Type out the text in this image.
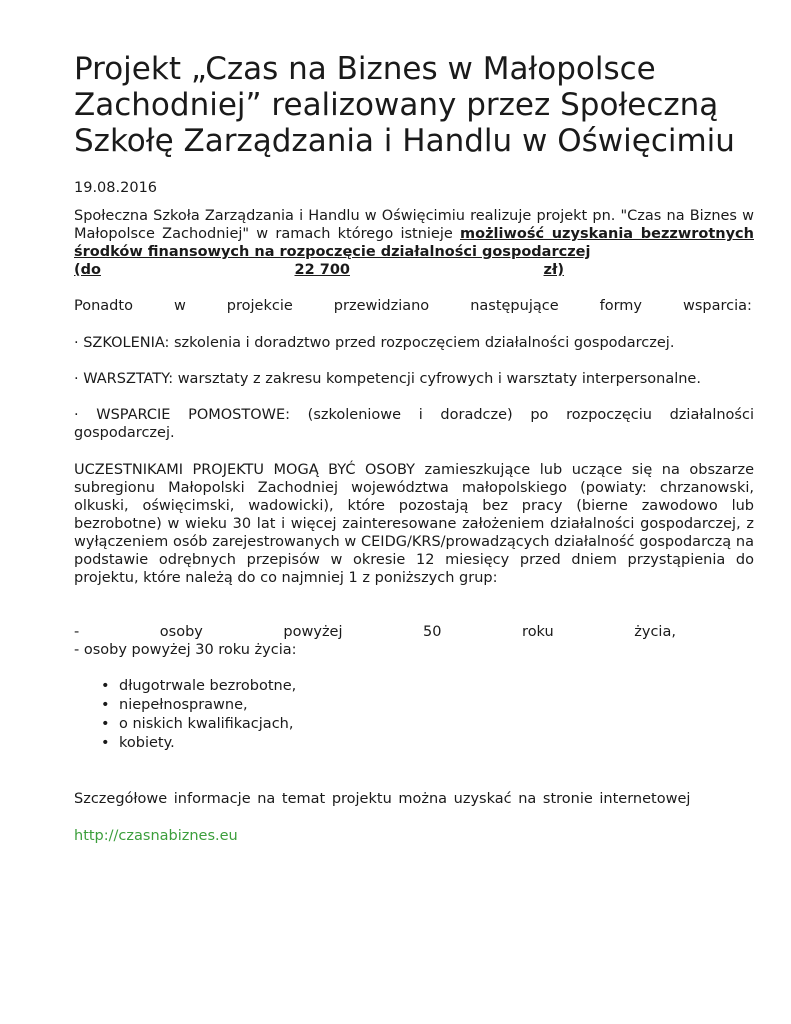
Projekt „Czas na Biznes w Małopolsce Zachodniej” realizowany przez Społeczną Szkołę Zarządzania i Handlu w Oświęcimiu
19.08.2016
Społeczna Szkoła Zarządzania i Handlu w Oświęcimiu realizuje projekt pn. "Czas na Biznes w Małopolsce Zachodniej" w ramach którego istnieje możliwość uzyskania bezzwrotnych środków finansowych na rozpoczęcie działalności gospodarczej
(do	22 700	zł)
Ponadto	w	projekcie	przewidziano	następujące	formy	wsparcia:

· SZKOLENIA: szkolenia i doradztwo przed rozpoczęciem działalności gospodarczej.

· WARSZTATY: warsztaty z zakresu kompetencji cyfrowych i warsztaty interpersonalne.

· WSPARCIE POMOSTOWE: (szkoleniowe i doradcze) po rozpoczęciu działalności gospodarczej.

UCZESTNIKAMI PROJEKTU MOGĄ BYĆ OSOBY zamieszkujące lub uczące się na obszarze subregionu Małopolski Zachodniej województwa małopolskiego (powiaty: chrzanowski, olkuski, oświęcimski, wadowicki), które pozostają bez pracy (bierne zawodowo lub bezrobotne) w wieku 30 lat i więcej zainteresowane założeniem działalności gospodarczej, z wyłączeniem osób zarejestrowanych w CEIDG/KRS/prowadzących działalność gospodarczą na podstawie odrębnych przepisów w okresie 12 miesięcy przed dniem przystąpienia do projektu, które należą do co najmniej 1 z poniższych grup:

-	osoby	powyżej	50	roku	życia,
- osoby powyżej 30 roku życia:
• długotrwale bezrobotne,
• niepełnosprawne,
• o niskich kwalifikacjach,
• kobiety.

Szczegółowe informacje na temat projektu można uzyskać na stronie internetowej

http://czasnabiznes.eu
